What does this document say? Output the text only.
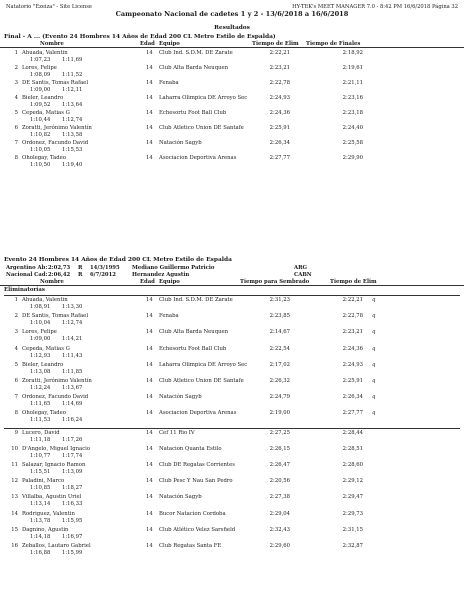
Natatorio "Ezeiza" - Site License	HY-TEK's MEET MANAGER 7.0 - 8:42 PM 16/6/2018 Página 32
Campeonato Nacional de cadetes 1 y 2 - 13/6/2018 a 16/6/2018
Resultados
Final - A ... (Evento 24 Hombres 14 Años de Edad 200 CL Metro Estilo de Espalda)
Nombre	Edad Equipo	Tiempo de Elim Tiempo de Finales
1 Ahuada, Valentin	14 Club Ind. S.D.M. DE Zarate	2:22,21	2:18,92
1:07,23 1:11,69
2 Lores, Felipe	14 Club Alta Barda Neuquen	2:23,21	2:19,61
1:08,09 1:11,52
3 DE Santis, Tomas Rafael	14 Fenaba	2:22,78	2:21,11
1:09,00 1:12,11
4 Bieler, Leandro	14 Laharra Olimpica DE Arroyo Sec	2:24,93	2:23,16
1:09,52 1:13,64
5 Cepeda, Matias G	14 Echesortu Foot Ball Club	2:24,36	2:23,18
1:10,44 1:12,74
6 Zoratti, Jerónimo Valentín	14 Club Atletico Union DE Santafe	2:25,91	2:24,40
1:10,82 1:13,58
7 Ordonez, Facundo David	14 Natación Sagyb	2:26,34	2:25,58
1:10,05 1:15,53
8 Oholegay, Tadeo	14 Asociacion Deportiva Arenas	2:27,77	2:29,90
1:10,50 1:19,40
Evento 24 Hombres 14 Años de Edad 200 CL Metro Estilo de Espalda
Argentino Ab: 2:02,73 R 14/3/1995 Mediano Guillermo Patricio	ARG
Nacional Cad: 2:06,42 R 6/7/2012	Hernandez Agustin	CABN
Nombre	Edad Equipo	Tiempo para Sembrado	Tiempo de Elim
Eliminatorias
1 Ahuada, Valentin	14 Club Ind. S.D.M. DE Zarate	2:31,23	2:22,21 q
1:08,91 1:13,30
2 DE Santis, Tomas Rafael	14 Fenaba	2:23,85	2:22,78 q
1:10,04 1:12,74
3 Lores, Felipe	14 Club Alta Barda Neuquen	2:14,67	2:23,21 q
1:09,00 1:14,21
4 Cepeda, Matias G	14 Echesortu Foot Ball Club	2:22,54	2:24,36 q
1:12,93 1:11,43
5 Bieler, Leandro	14 Laharra Olimpica DE Arroyo Sec	2:17,02	2:24,93 q
1:13,08 1:11,85
6 Zoratti, Jerónimo Valentín	14 Club Atletico Union DE Santafe	2:26,32	2:25,91 q
1:12,24 1:13,67
7 Ordonez, Facundo David	14 Natación Sagyb	2:24,79	2:26,34 q
1:11,65 1:14,69
8 Oholegay, Tadeo	14 Asociacion Deportiva Arenas	2:19,00	2:27,77 q
1:11,53 1:16,24
9 Lucero, David	14 Cef 11 Rio IV	2:27,25	2:28,44
1:11,18 1:17,26
10 D'Angelo, Miguel Ignacio	14 Natacion Quanta Estilo	2:26,15	2:28,51
1:10,77 1:17,74
11 Salazar, Ignacio Ramon	14 Club DE Regatas Corrientes	2:26,47	2:28,60
1:15,51 1:13,09
12 Paladini, Marco	14 Club Pesc Y Nau San Pedro	2:20,56	2:29,12
1:10,85 1:18,27
13 Villalba, Agustin Uriel	14 Natación Sagyb	2:27,38	2:29,47
1:13,14 1:16,33
14 Rodriguez, Valentin	14 Bucor Natacion Cordoba	2:29,04	2:29,73
1:13,78 1:15,95
15 Dagnino, Agustin	14 Club Atlético Velez Sarsfield	2:32,43	2:31,15
1:14,18 1:16,97
16 Zeballos, Lautaro Gabriel	14 Club Regatas Santa FE	2:29,60	2:32,87
1:16,88 1:15,99
